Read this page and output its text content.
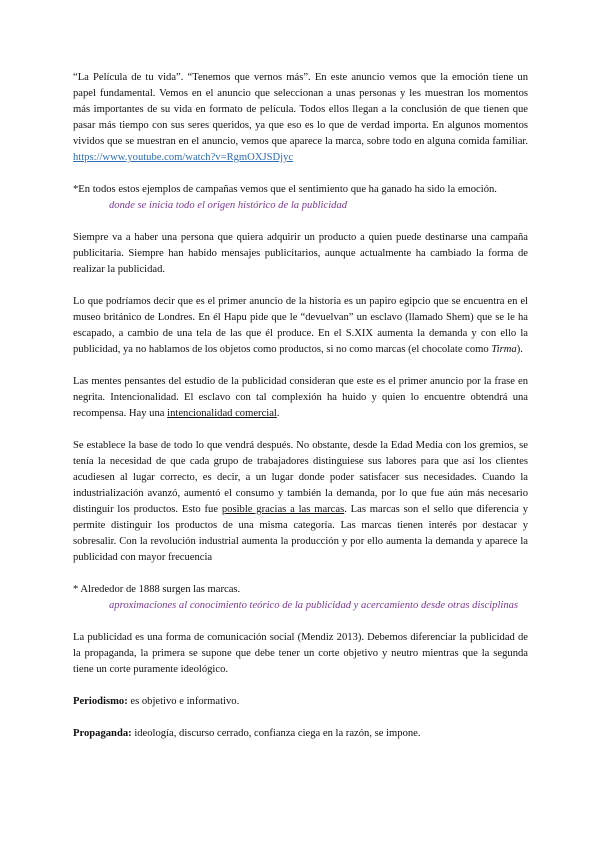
“La Película de tu vida”. “Tenemos que vernos más”. En este anuncio vemos que la emoción tiene un papel fundamental. Vemos en el anuncio que seleccionan a unas personas y les muestran los momentos más importantes de su vida en formato de película. Todos ellos llegan a la conclusión de que tienen que pasar más tiempo con sus seres queridos, ya que eso es lo que de verdad importa. En algunos momentos vividos que se muestran en el anuncio, vemos que aparece la marca, sobre todo en alguna comida familiar. https://www.youtube.com/watch?v=RgmOXJSDjyc

*En todos estos ejemplos de campañas vemos que el sentimiento que ha ganado ha sido la emoción.

donde se inicia todo el origen histórico de la publicidad

Siempre va a haber una persona que quiera adquirir un producto a quien puede destinarse una campaña publicitaria. Siempre han habido mensajes publicitarios, aunque actualmente ha cambiado la forma de realizar la publicidad.

Lo que podríamos decir que es el primer anuncio de la historia es un papiro egipcio que se encuentra en el museo británico de Londres. En él Hapu pide que le “devuelvan” un esclavo (llamado Shem) que se le ha escapado, a cambio de una tela de las que él produce. En el S.XIX aumenta la demanda y con ello la publicidad, ya no hablamos de los objetos como productos, si no como marcas (el chocolate como Tirma).

Las mentes pensantes del estudio de la publicidad consideran que este es el primer anuncio por la frase en negrita. Intencionalidad. El esclavo con tal complexión ha huido y quien lo encuentre obtendrá una recompensa. Hay una intencionalidad comercial.

Se establece la base de todo lo que vendrá después. No obstante, desde la Edad Media con los gremios, se tenía la necesidad de que cada grupo de trabajadores distinguiese sus labores para que así los clientes acudiesen al lugar correcto, es decir, a un lugar donde poder satisfacer sus necesidades. Cuando la industrialización avanzó, aumentó el consumo y también la demanda, por lo que fue aún más necesario distinguir los productos. Esto fue posible gracias a las marcas. Las marcas son el sello que diferencia y permite distinguir los productos de una misma categoría. Las marcas tienen interés por destacar y sobresalir. Con la revolución industrial aumenta la producción y por ello aumenta la demanda y aparece la publicidad con mayor frecuencia

* Alrededor de 1888 surgen las marcas.

aproximaciones al conocimiento teórico de la publicidad y acercamiento desde otras disciplinas

La publicidad es una forma de comunicación social (Mendiz 2013). Debemos diferenciar la publicidad de la propaganda, la primera se supone que debe tener un corte objetivo y neutro mientras que la segunda tiene un corte puramente ideológico.

Periodismo: es objetivo e informativo.

Propaganda: ideología, discurso cerrado, confianza ciega en la razón, se impone.
